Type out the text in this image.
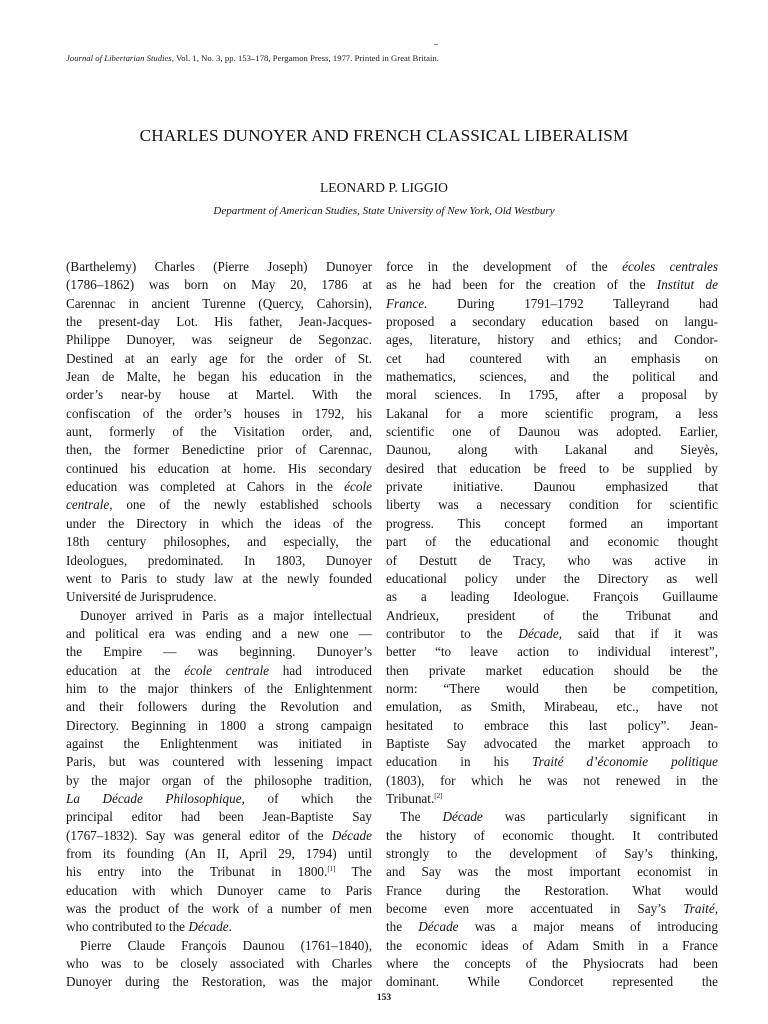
Journal of Libertarian Studies, Vol. 1, No. 3, pp. 153–178, Pergamon Press, 1977. Printed in Great Britain.
CHARLES DUNOYER AND FRENCH CLASSICAL LIBERALISM
LEONARD P. LIGGIO
Department of American Studies, State University of New York, Old Westbury
(Barthelemy) Charles (Pierre Joseph) Dunoyer
(1786–1862) was born on May 20, 1786 at
Carennac in ancient Turenne (Quercy, Cahorsin),
the present-day Lot. His father, Jean-Jacques-
Philippe Dunoyer, was seigneur de Segonzac.
Destined at an early age for the order of St.
Jean de Malte, he began his education in the
order’s near-by house at Martel. With the
confiscation of the order’s houses in 1792, his
aunt, formerly of the Visitation order, and,
then, the former Benedictine prior of Carennac,
continued his education at home. His secondary
education was completed at Cahors in the école
centrale, one of the newly established schools
under the Directory in which the ideas of the
18th century philosophes, and especially, the
Ideologues, predominated. In 1803, Dunoyer
went to Paris to study law at the newly founded
Université de Jurisprudence.
Dunoyer arrived in Paris as a major intellectual
and political era was ending and a new one —
the Empire — was beginning. Dunoyer’s
education at the école centrale had introduced
him to the major thinkers of the Enlightenment
and their followers during the Revolution and
Directory. Beginning in 1800 a strong campaign
against the Enlightenment was initiated in
Paris, but was countered with lessening impact
by the major organ of the philosophe tradition,
La Décade Philosophique, of which the
principal editor had been Jean-Baptiste Say
(1767–1832). Say was general editor of the Décade
from its founding (An II, April 29, 1794) until
his entry into the Tribunat in 1800.[1] The
education with which Dunoyer came to Paris
was the product of the work of a number of men
who contributed to the Décade.
Pierre Claude François Daunou (1761–1840),
who was to be closely associated with Charles
Dunoyer during the Restoration, was the major
force in the development of the écoles centrales
as he had been for the creation of the Institut de
France. During 1791–1792 Talleyrand had
proposed a secondary education based on langu-
ages, literature, history and ethics; and Condor-
cet had countered with an emphasis on
mathematics, sciences, and the political and
moral sciences. In 1795, after a proposal by
Lakanal for a more scientific program, a less
scientific one of Daunou was adopted. Earlier,
Daunou, along with Lakanal and Sieyès,
desired that education be freed to be supplied by
private initiative. Daunou emphasized that
liberty was a necessary condition for scientific
progress. This concept formed an important
part of the educational and economic thought
of Destutt de Tracy, who was active in
educational policy under the Directory as well
as a leading Ideologue. François Guillaume
Andrieux, president of the Tribunat and
contributor to the Décade, said that if it was
better “to leave action to individual interest”,
then private market education should be the
norm: “There would then be competition,
emulation, as Smith, Mirabeau, etc., have not
hesitated to embrace this last policy”. Jean-
Baptiste Say advocated the market approach to
education in his Traité d’économie politique
(1803), for which he was not renewed in the
Tribunat.[2]
The Décade was particularly significant in
the history of economic thought. It contributed
strongly to the development of Say’s thinking,
and Say was the most important economist in
France during the Restoration. What would
become even more accentuated in Say’s Traité,
the Décade was a major means of introducing
the economic ideas of Adam Smith in a France
where the concepts of the Physiocrats had been
dominant. While Condorcet represented the
153
